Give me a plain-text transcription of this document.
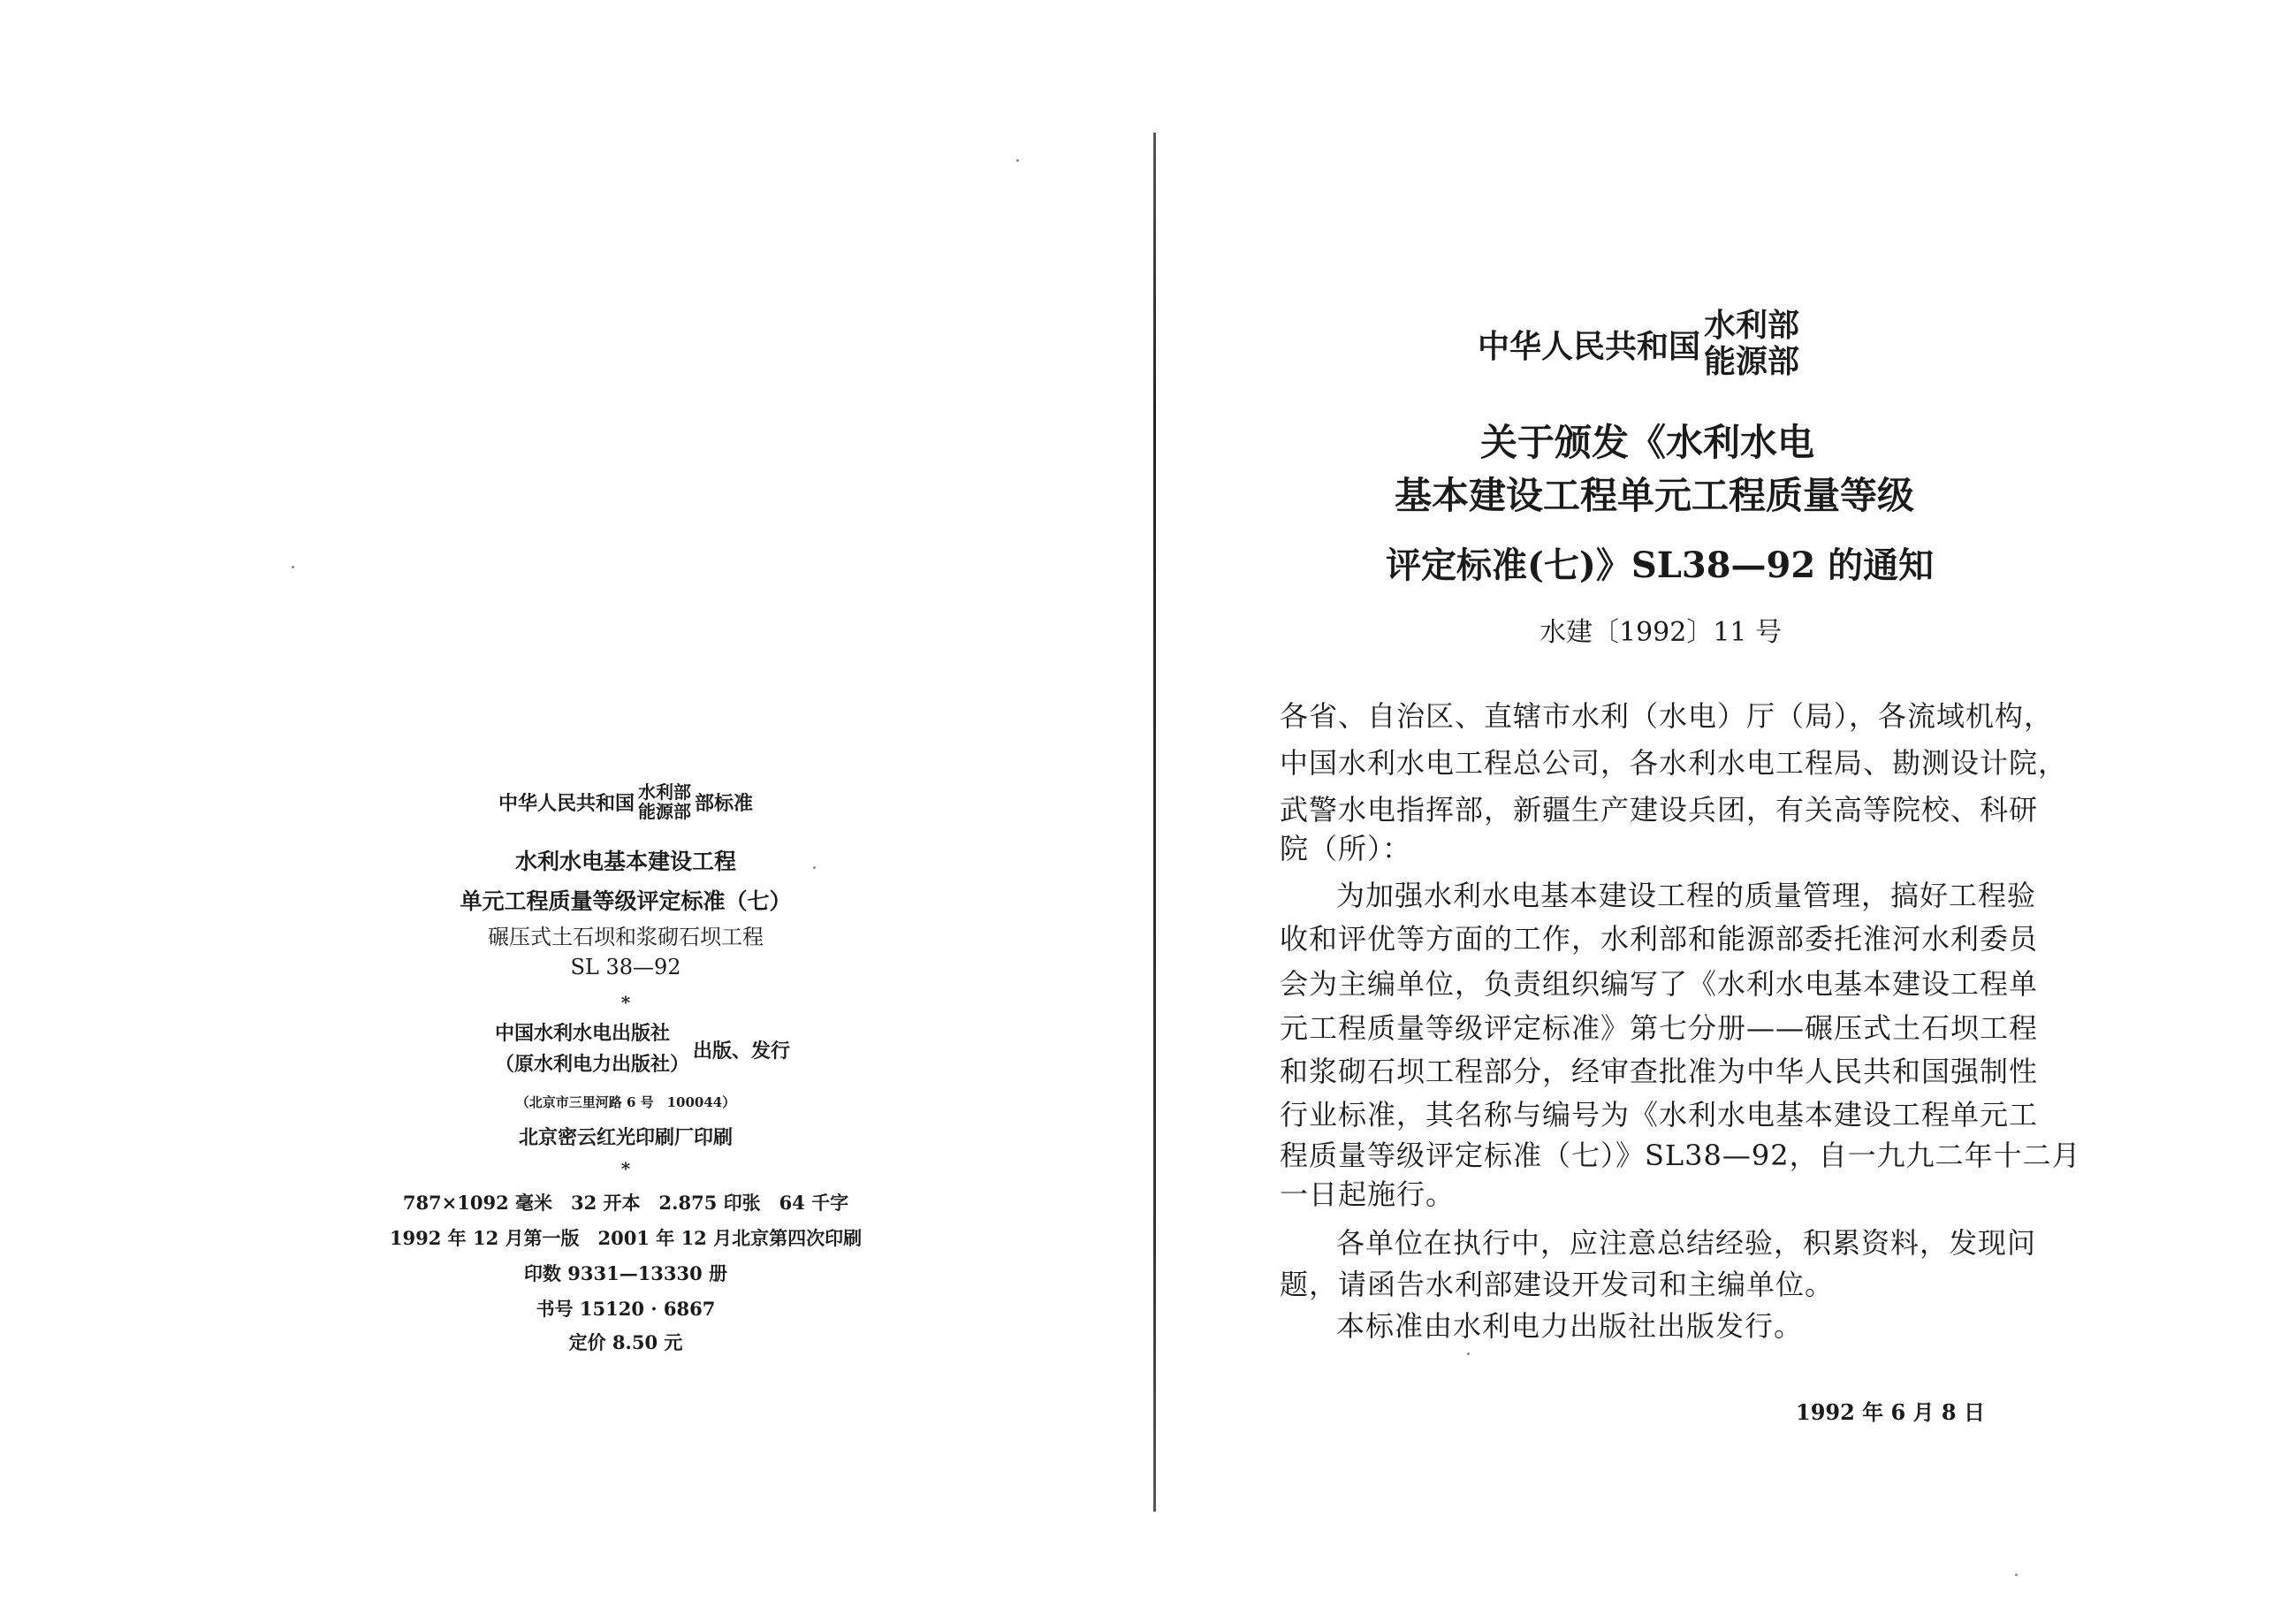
中华人民共和国 水利部
能源部 部标准
水利水电基本建设工程
单元工程质量等级评定标准（七）
碾压式土石坝和浆砌石坝工程
SL 38—92
*
中国水利水电出版社
（原水利电力出版社）
出版、发行
（北京市三里河路 6 号　100044）
北京密云红光印刷厂印刷
*
787×1092 毫米　32 开本　2.875 印张　64 千字
1992 年 12 月第一版　2001 年 12 月北京第四次印刷
印数 9331—13330 册
书号 15120 · 6867
定价 8.50 元
中华人民共和国
水利部
能源部
关于颁发《水利水电
基本建设工程单元工程质量等级
评定标准(七)》SL38—92 的通知
水建〔1992〕11 号
各省、自治区、直辖市水利（水电）厅（局），各流域机构，
中国水利水电工程总公司，各水利水电工程局、勘测设计院，
武警水电指挥部，新疆生产建设兵团，有关高等院校、科研
院（所）：
为加强水利水电基本建设工程的质量管理，搞好工程验
收和评优等方面的工作，水利部和能源部委托淮河水利委员
会为主编单位，负责组织编写了《水利水电基本建设工程单
元工程质量等级评定标准》第七分册——碾压式土石坝工程
和浆砌石坝工程部分，经审查批准为中华人民共和国强制性
行业标准，其名称与编号为《水利水电基本建设工程单元工
程质量等级评定标准（七）》SL38—92，自一九九二年十二月
一日起施行。
各单位在执行中，应注意总结经验，积累资料，发现问
题，请函告水利部建设开发司和主编单位。
本标准由水利电力出版社出版发行。
1992 年 6 月 8 日
